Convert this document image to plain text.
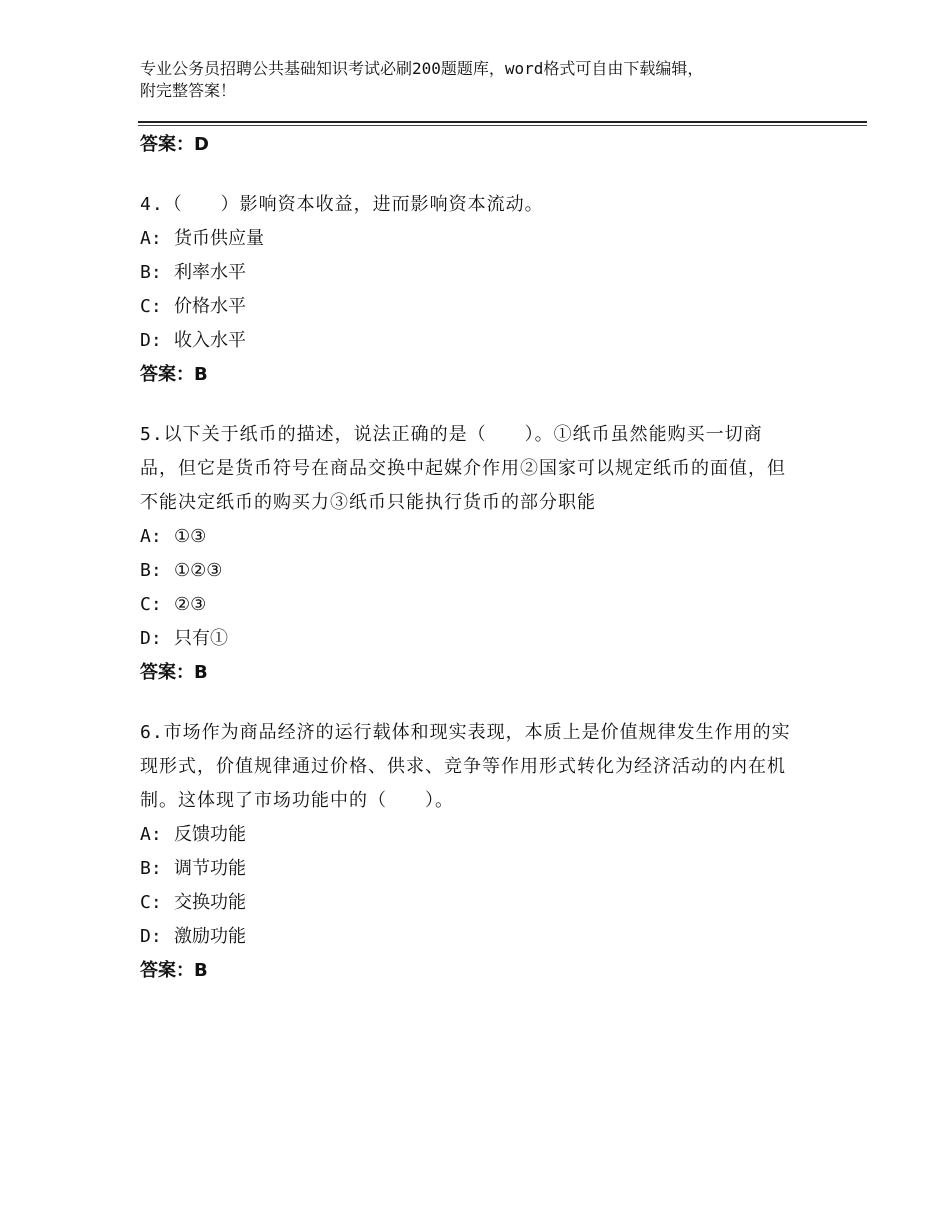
专业公务员招聘公共基础知识考试必刷200题题库，word格式可自由下载编辑，
附完整答案！

答案：D

4.（　　）影响资本收益，进而影响资本流动。

A: 货币供应量

B: 利率水平

C: 价格水平

D: 收入水平

答案：B

5.以下关于纸币的描述，说法正确的是（　　）。①纸币虽然能购买一切商品，但它是货币符号在商品交换中起媒介作用②国家可以规定纸币的面值，但不能决定纸币的购买力③纸币只能执行货币的部分职能

A: ①③

B: ①②③

C: ②③

D: 只有①

答案：B

6.市场作为商品经济的运行载体和现实表现，本质上是价值规律发生作用的实现形式，价值规律通过价格、供求、竞争等作用形式转化为经济活动的内在机制。这体现了市场功能中的（　　）。

A: 反馈功能

B: 调节功能

C: 交换功能

D: 激励功能

答案：B
